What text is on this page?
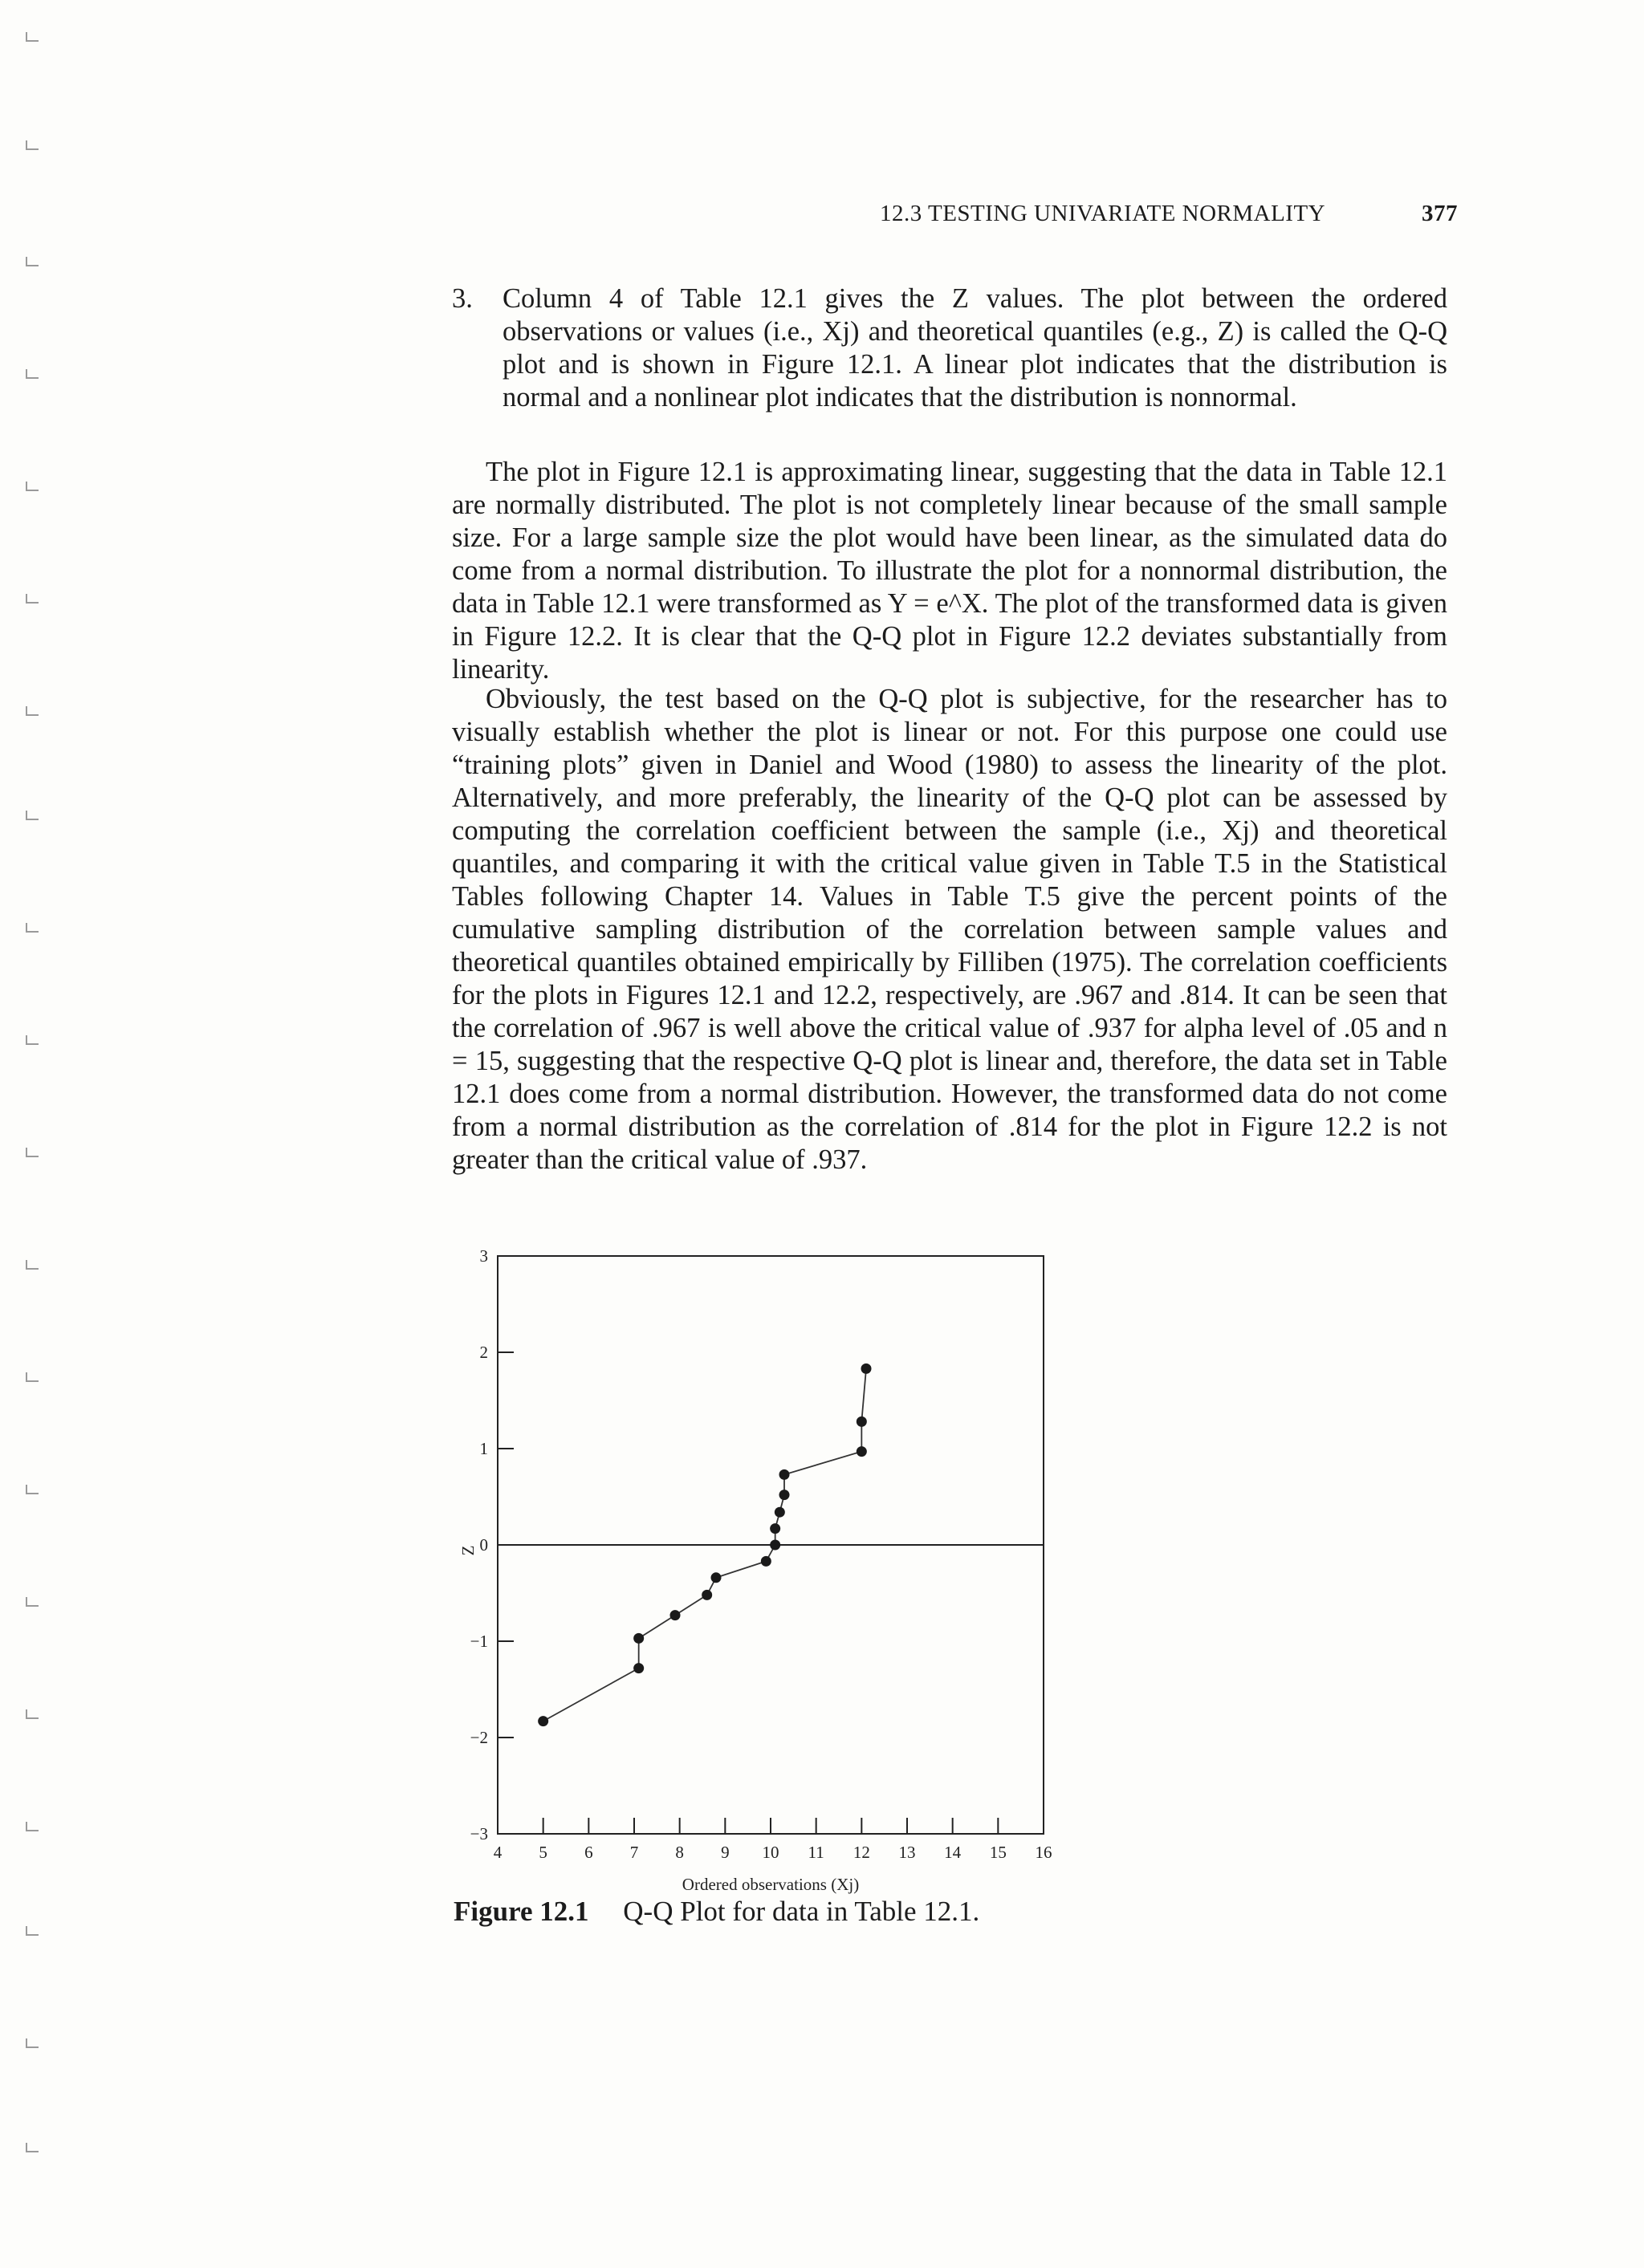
12.3 TESTING UNIVARIATE NORMALITY	377
3. Column 4 of Table 12.1 gives the Z values. The plot between the ordered observations or values (i.e., Xj) and theoretical quantiles (e.g., Z) is called the Q-Q plot and is shown in Figure 12.1. A linear plot indicates that the distribution is normal and a nonlinear plot indicates that the distribution is nonnormal.

The plot in Figure 12.1 is approximating linear, suggesting that the data in Table 12.1 are normally distributed. The plot is not completely linear because of the small sample size. For a large sample size the plot would have been linear, as the simulated data do come from a normal distribution. To illustrate the plot for a nonnormal distribution, the data in Table 12.1 were transformed as Y = e^X. The plot of the transformed data is given in Figure 12.2. It is clear that the Q-Q plot in Figure 12.2 deviates substantially from linearity.

Obviously, the test based on the Q-Q plot is subjective, for the researcher has to visually establish whether the plot is linear or not. For this purpose one could use “training plots” given in Daniel and Wood (1980) to assess the linearity of the plot. Alternatively, and more preferably, the linearity of the Q-Q plot can be assessed by computing the correlation coefficient between the sample (i.e., Xj) and theoretical quantiles, and comparing it with the critical value given in Table T.5 in the Statistical Tables following Chapter 14. Values in Table T.5 give the percent points of the cumulative sampling distribution of the correlation between sample values and theoretical quantiles obtained empirically by Filliben (1975). The correlation coefficients for the plots in Figures 12.1 and 12.2, respectively, are .967 and .814. It can be seen that the correlation of .967 is well above the critical value of .937 for alpha level of .05 and n = 15, suggesting that the respective Q-Q plot is linear and, therefore, the data set in Table 12.1 does come from a normal distribution. However, the transformed data do not come from a normal distribution as the correlation of .814 for the plot in Figure 12.2 is not greater than the critical value of .937.

−3
−2
−1
0
1
2
3
4 5 6 7 8 9 10 11 12 13 14 15 16
Ordered observations (Xj)
Z
Figure 12.1 Q-Q Plot for data in Table 12.1.
